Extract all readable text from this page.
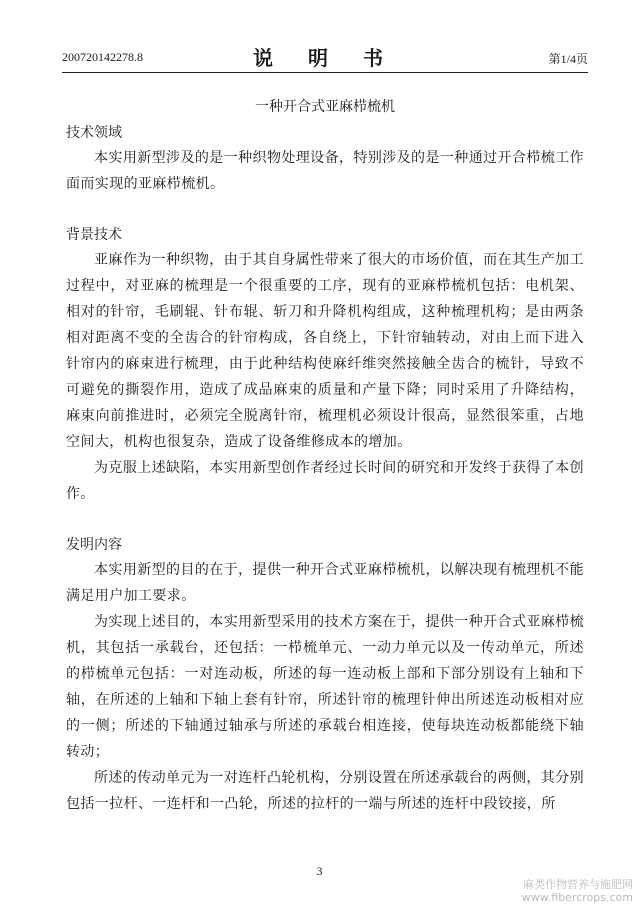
200720142278.8	说 明 书	第1/4页
一种开合式亚麻栉梳机
技术领域

本实用新型涉及的是一种织物处理设备，特别涉及的是一种通过开合栉梳工作面而实现的亚麻栉梳机。

背景技术

亚麻作为一种织物，由于其自身属性带来了很大的市场价值，而在其生产加工过程中，对亚麻的梳理是一个很重要的工序，现有的亚麻栉梳机包括：电机架、相对的针帘，毛刷辊、针布辊、斩刀和升降机构组成，这种梳理机构；是由两条相对距离不变的全齿合的针帘构成，各自绕上，下针帘轴转动，对由上而下进入针帘内的麻束进行梳理，由于此种结构使麻纤维突然接触全齿合的梳针，导致不可避免的撕裂作用，造成了成品麻束的质量和产量下降；同时采用了升降结构，麻束向前推进时，必须完全脱离针帘，梳理机必须设计很高，显然很笨重，占地空间大，机构也很复杂，造成了设备维修成本的增加。

为克服上述缺陷，本实用新型创作者经过长时间的研究和开发终于获得了本创作。

发明内容

本实用新型的目的在于，提供一种开合式亚麻栉梳机，以解决现有梳理机不能满足用户加工要求。

为实现上述目的，本实用新型采用的技术方案在于，提供一种开合式亚麻栉梳机，其包括一承载台，还包括：一栉梳单元、一动力单元以及一传动单元，所述的栉梳单元包括：一对连动板，所述的每一连动板上部和下部分别设有上轴和下轴，在所述的上轴和下轴上套有针帘，所述针帘的梳理针伸出所述连动板相对应的一侧；所述的下轴通过轴承与所述的承载台相连接，使每块连动板都能绕下轴转动；

所述的传动单元为一对连杆凸轮机构，分别设置在所述承载台的两侧，其分别包括一拉杆、一连杆和一凸轮，所述的拉杆的一端与所述的连杆中段铰接，所

3
麻类作物营养与施肥网
www.fibercrops.com
